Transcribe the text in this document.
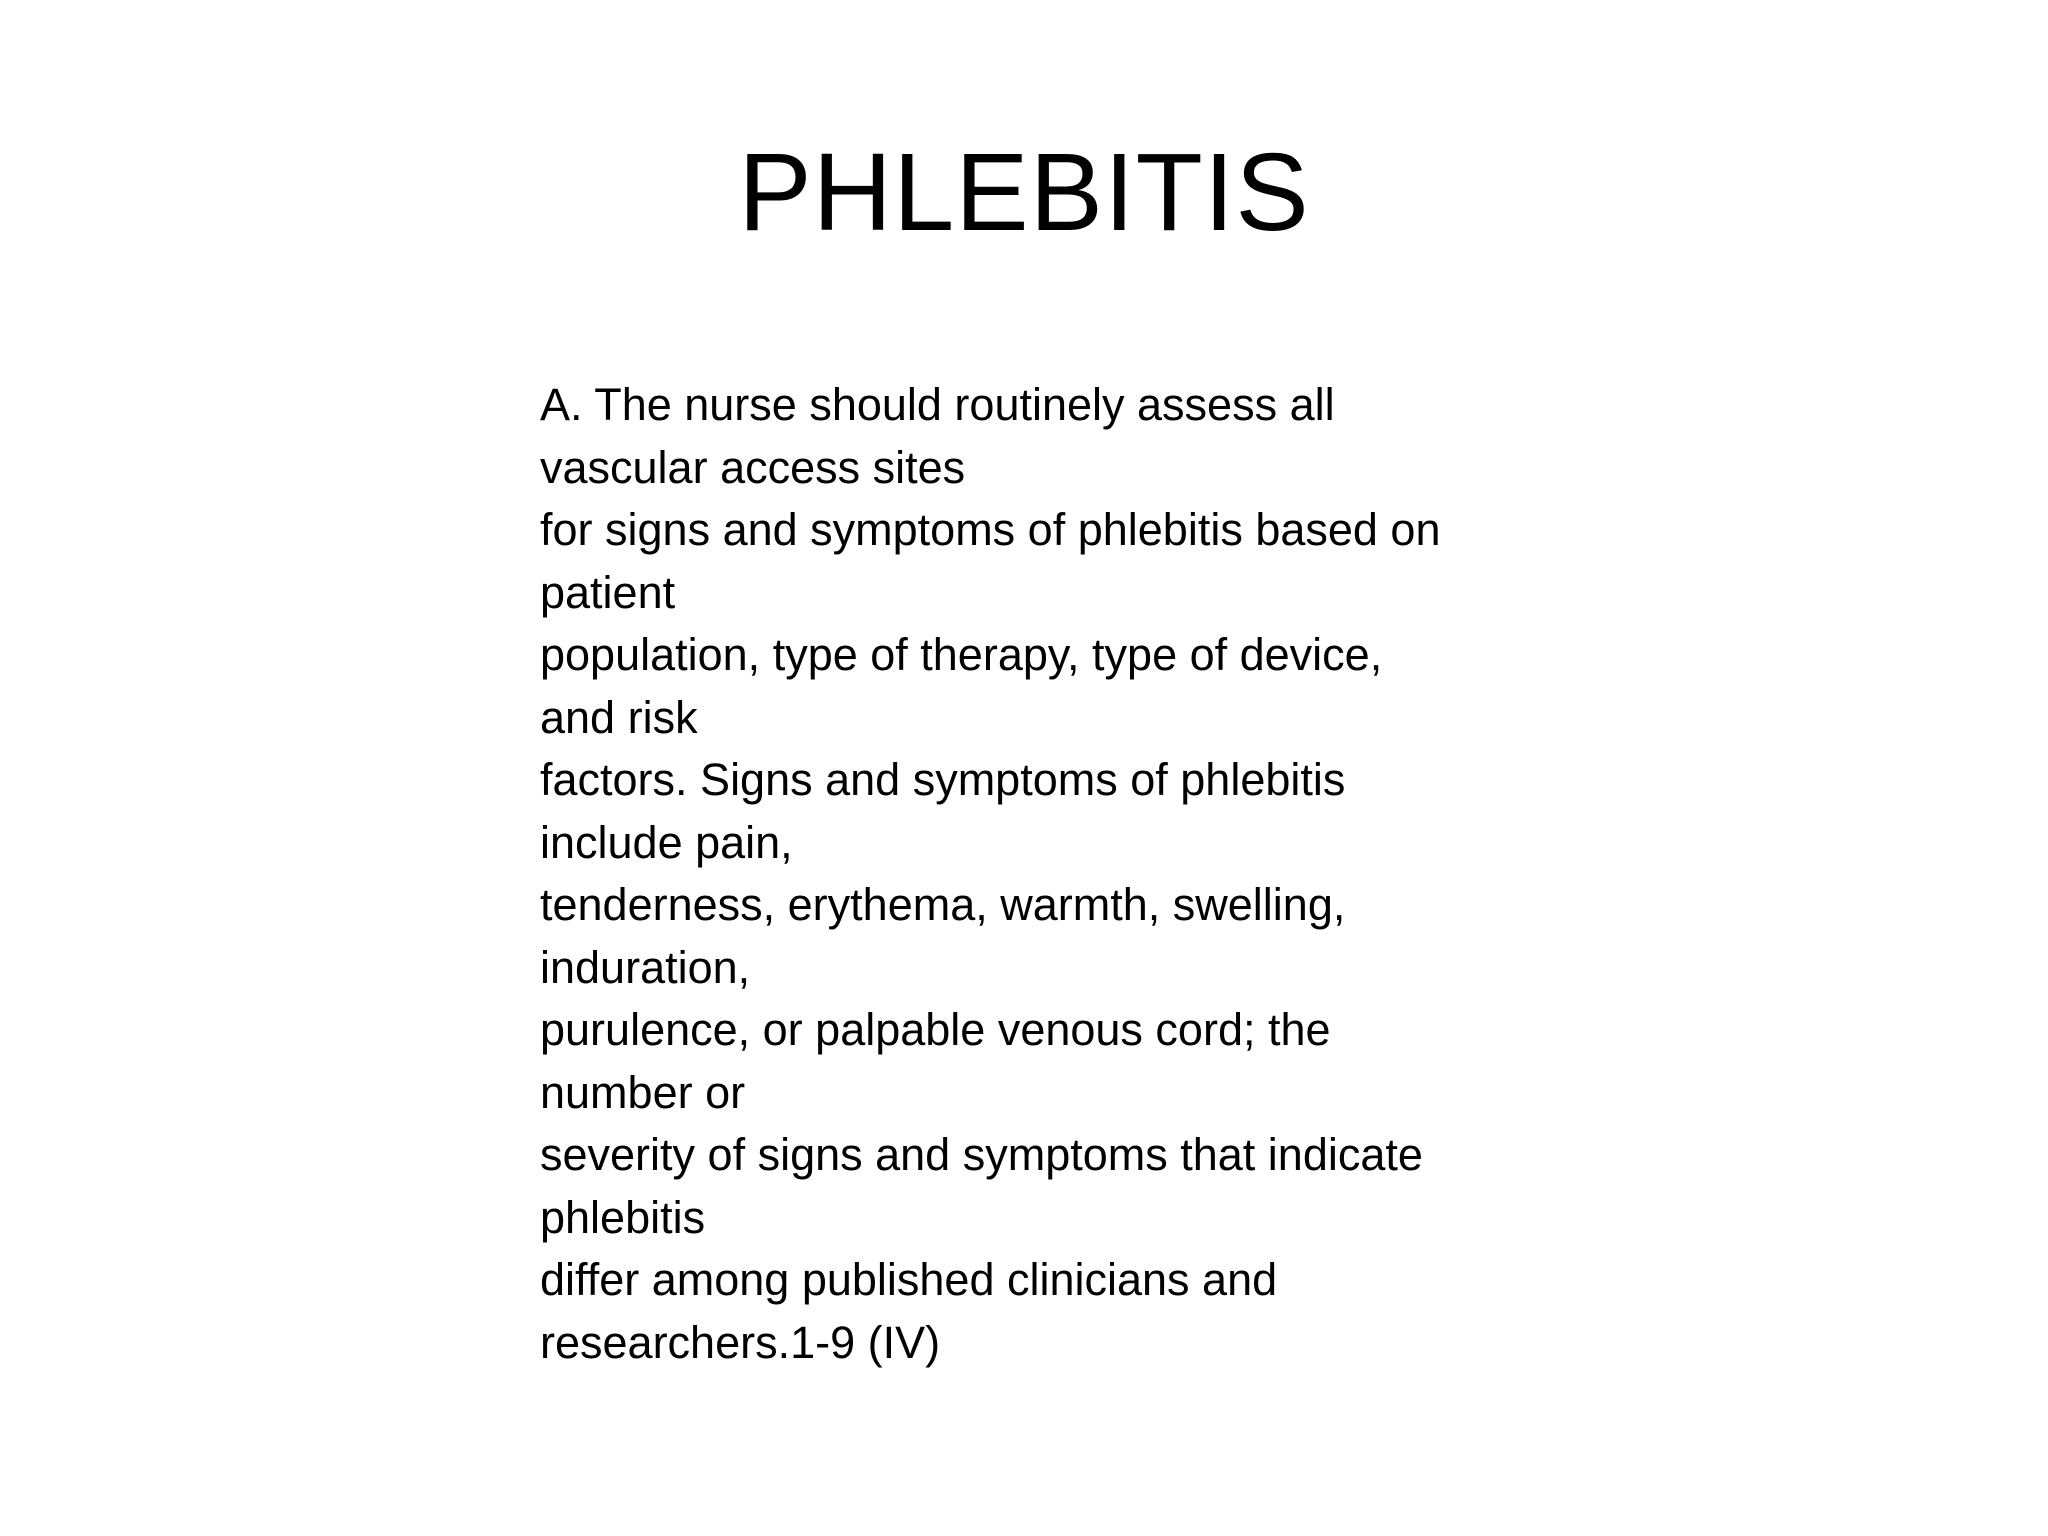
PHLEBITIS
A. The nurse should routinely assess all
vascular access sites
for signs and symptoms of phlebitis based on
patient
population, type of therapy, type of device,
and risk
factors. Signs and symptoms of phlebitis
include pain,
tenderness, erythema, warmth, swelling,
induration,
purulence, or palpable venous cord; the
number or
severity of signs and symptoms that indicate
phlebitis
differ among published clinicians and
researchers.1-9 (IV)
